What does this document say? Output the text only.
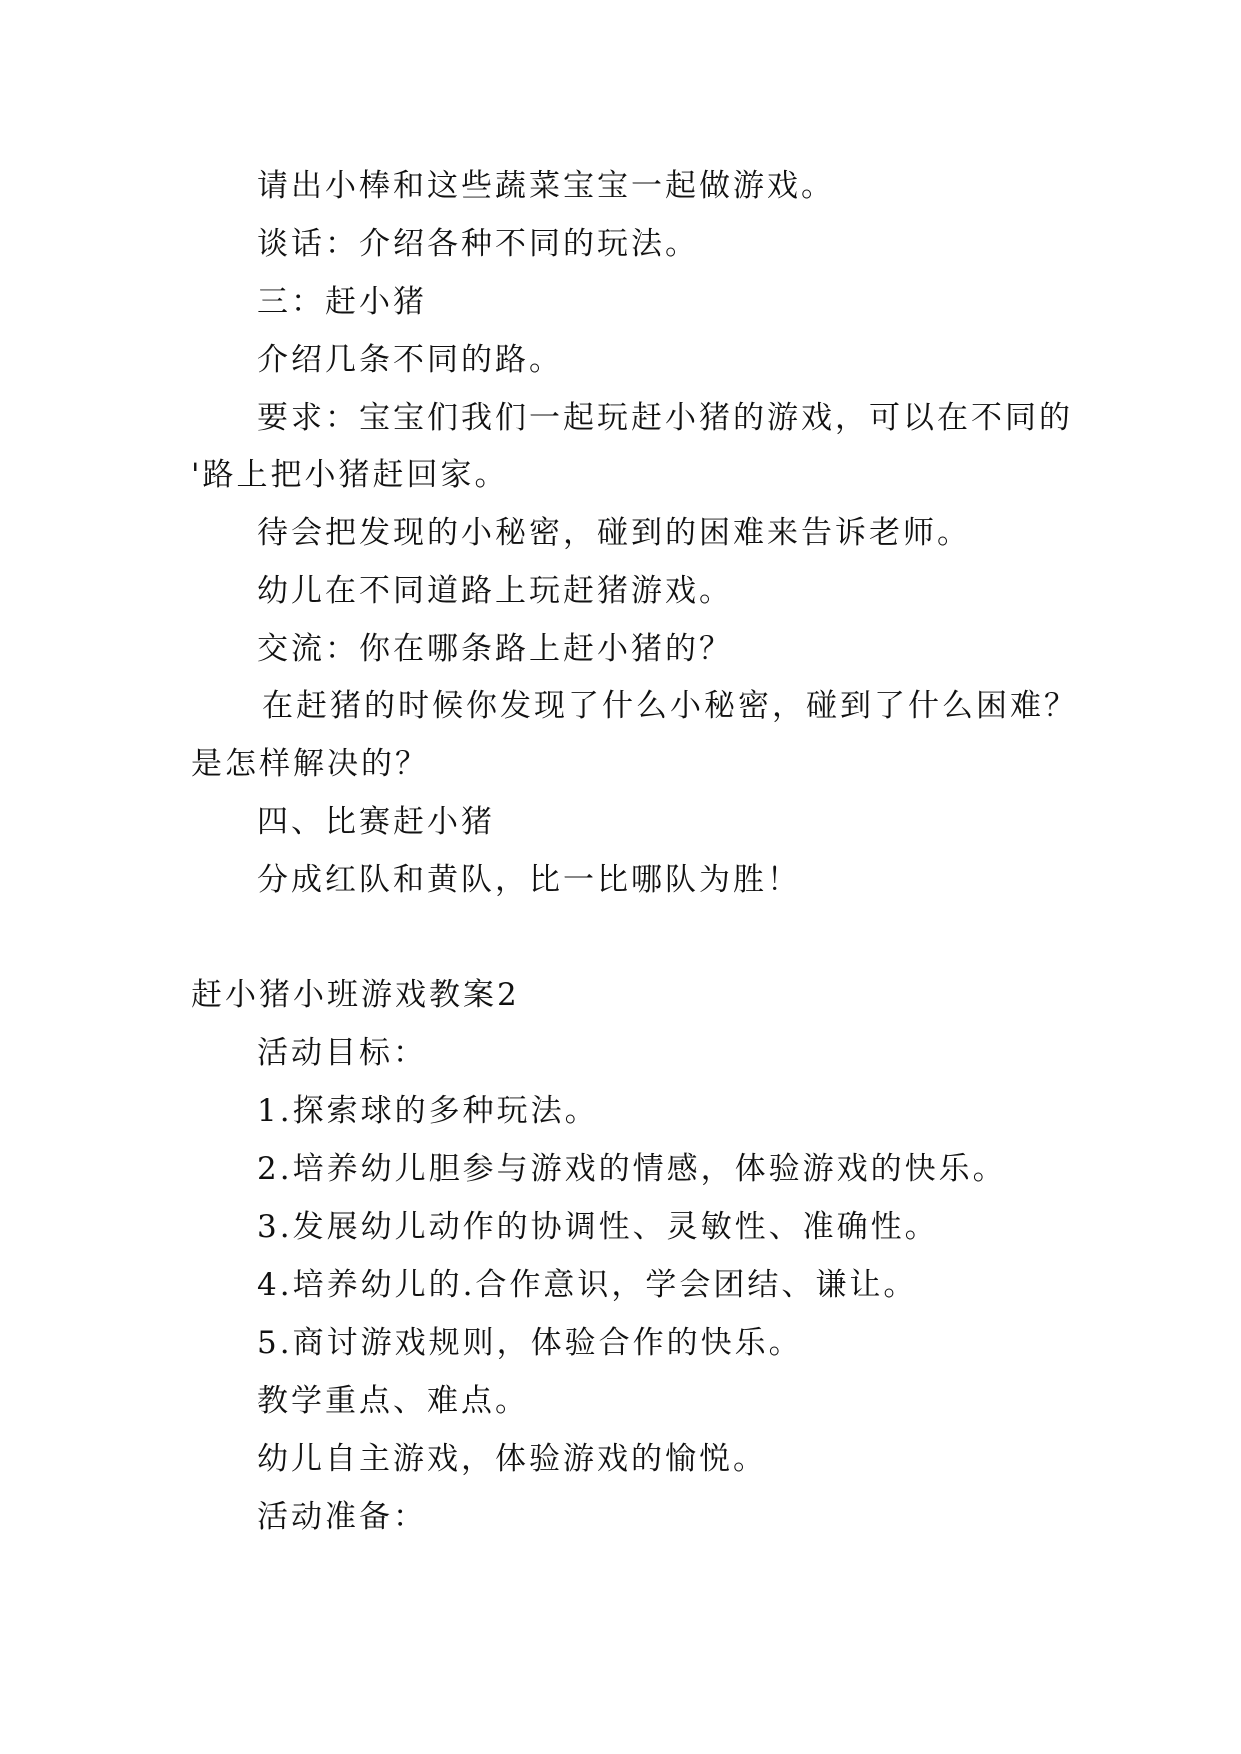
请出小棒和这些蔬菜宝宝一起做游戏。
谈话：介绍各种不同的玩法。
三：赶小猪
介绍几条不同的路。
要求：宝宝们我们一起玩赶小猪的游戏，可以在不同的
'路上把小猪赶回家。
待会把发现的小秘密，碰到的困难来告诉老师。
幼儿在不同道路上玩赶猪游戏。
交流：你在哪条路上赶小猪的？
在赶猪的时候你发现了什么小秘密，碰到了什么困难？
是怎样解决的？
四、比赛赶小猪
分成红队和黄队，比一比哪队为胜！
赶小猪小班游戏教案2
活动目标：
1.探索球的多种玩法。
2.培养幼儿胆参与游戏的情感，体验游戏的快乐。
3.发展幼儿动作的协调性、灵敏性、准确性。
4.培养幼儿的.合作意识，学会团结、谦让。
5.商讨游戏规则，体验合作的快乐。
教学重点、难点。
幼儿自主游戏，体验游戏的愉悦。
活动准备：
